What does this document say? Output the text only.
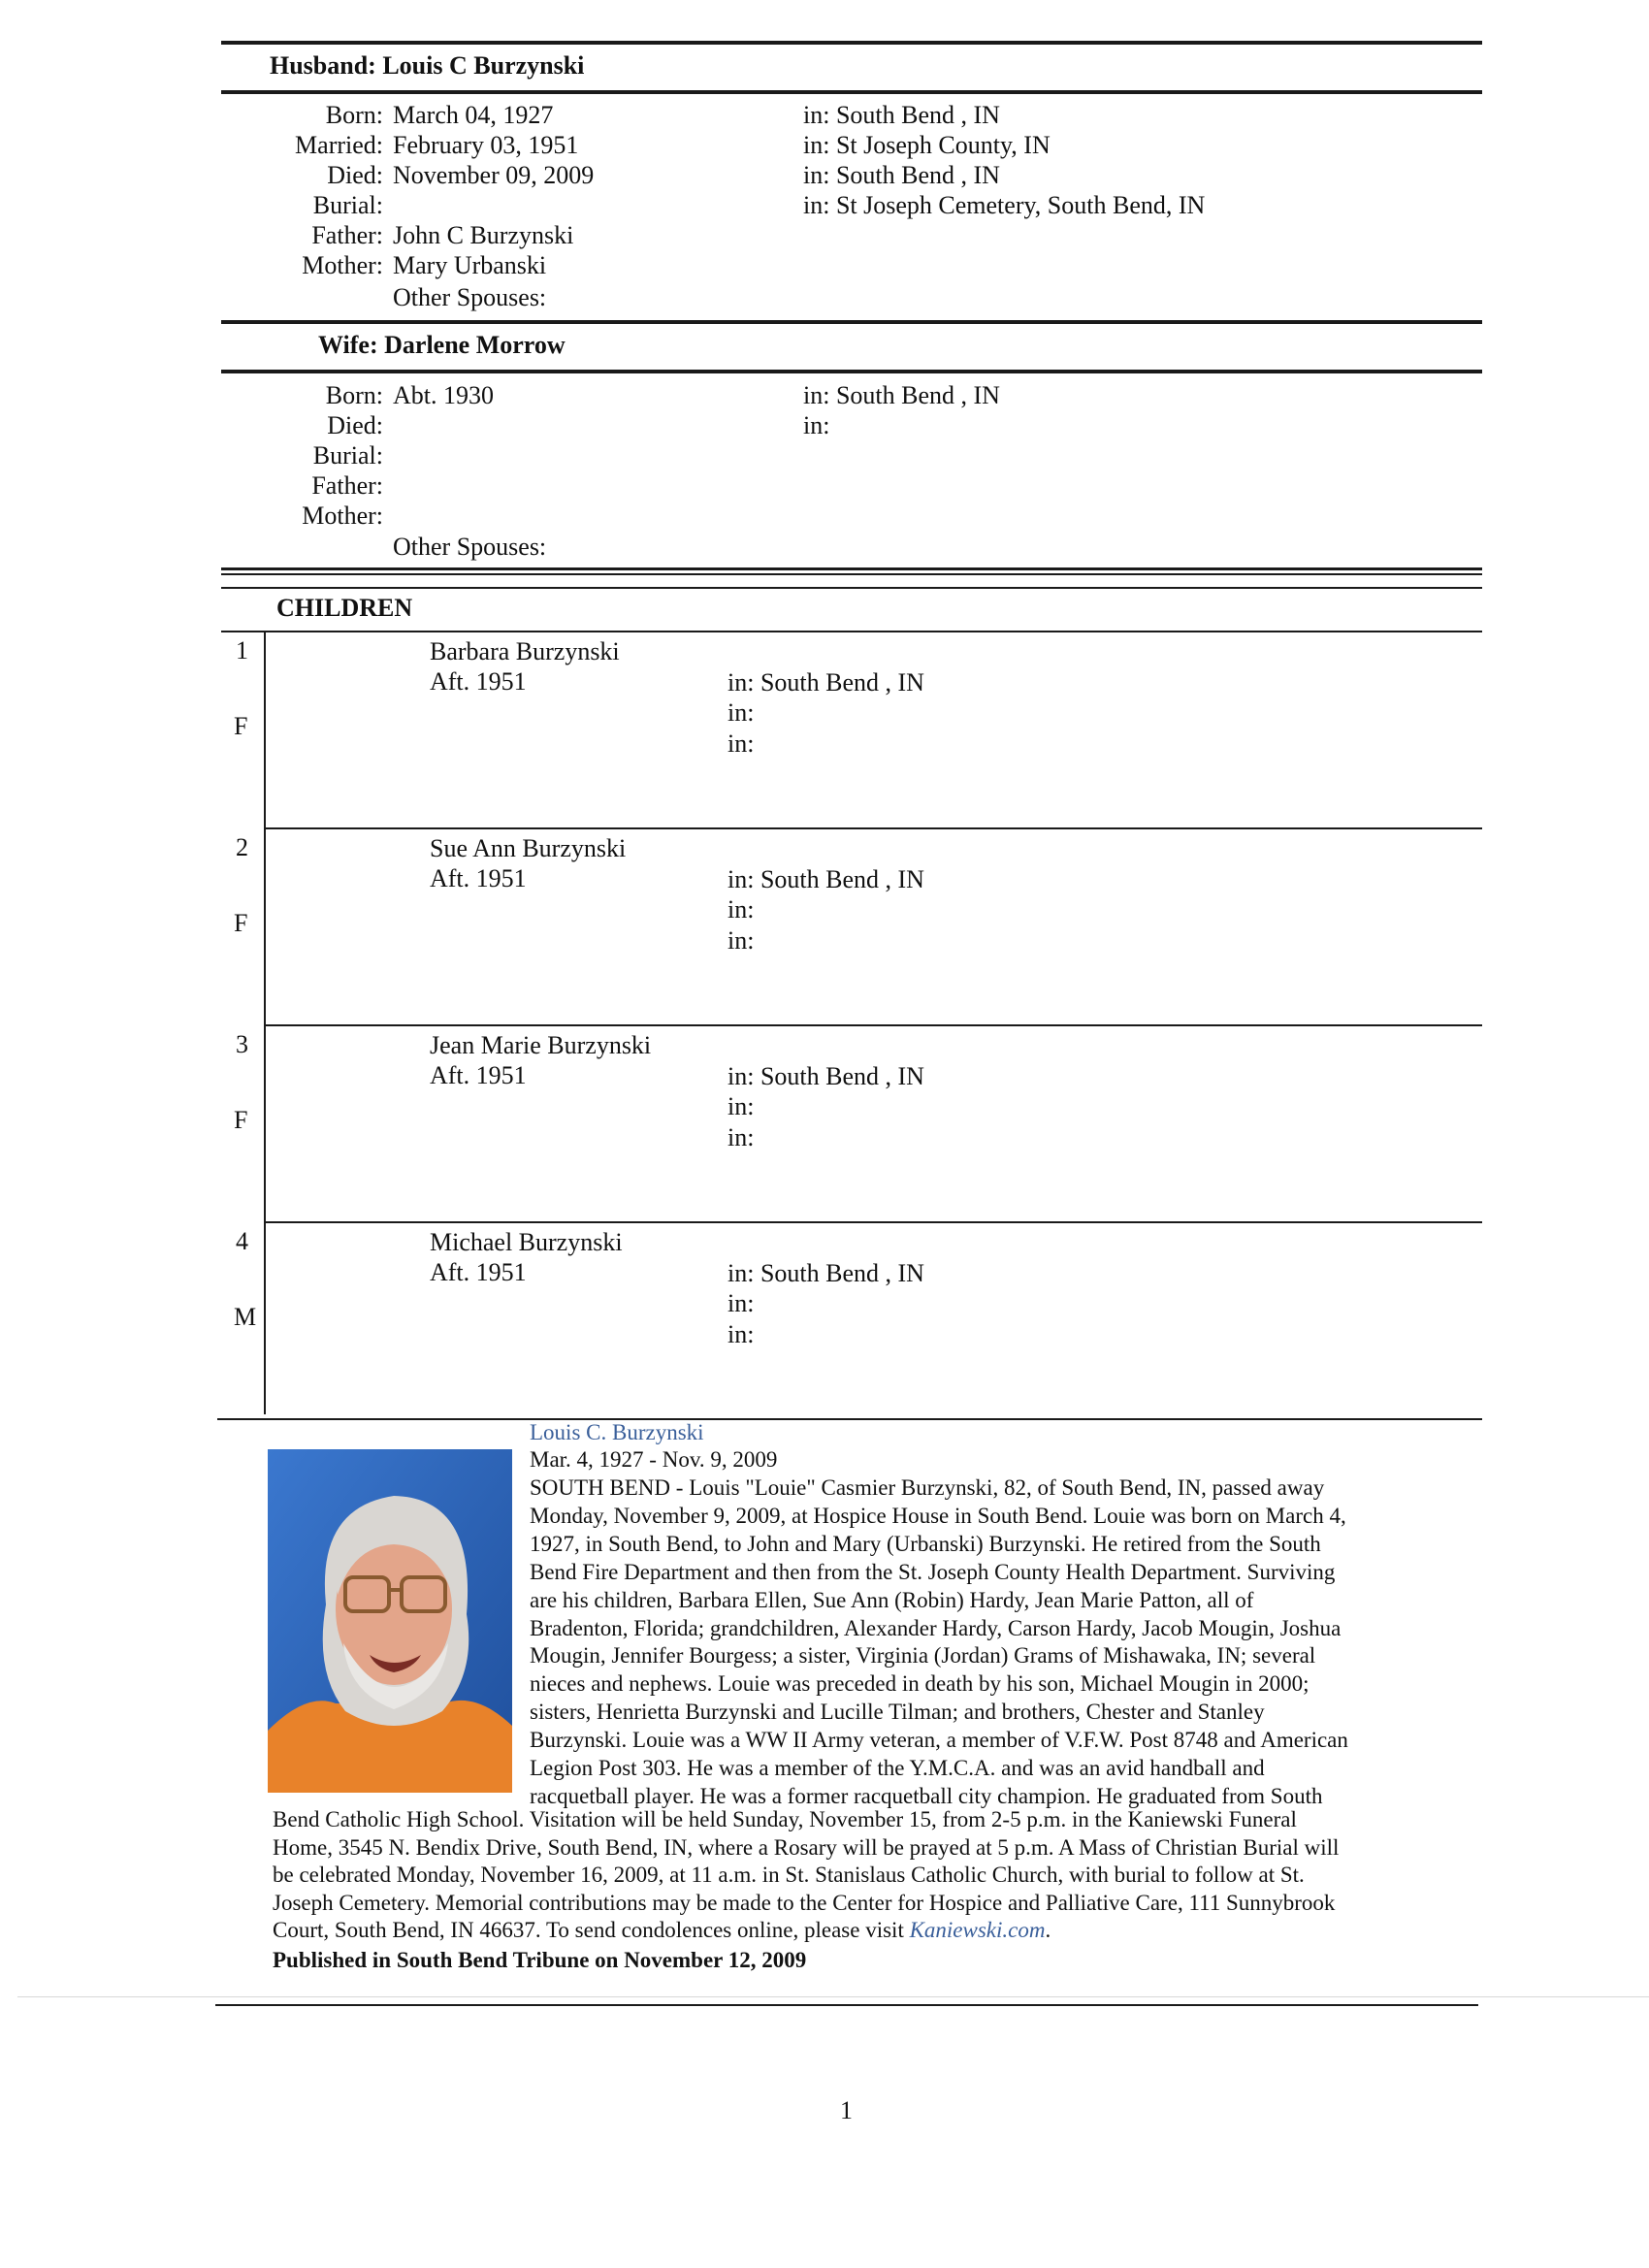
Husband: Louis C Burzynski
Born: March 04, 1927	in: South Bend , IN
Married: February 03, 1951	in: St Joseph County, IN
Died: November 09, 2009	in: South Bend , IN
Burial:	in: St Joseph Cemetery, South Bend, IN
Father: John C Burzynski
Mother: Mary Urbanski
Other Spouses:
Wife: Darlene Morrow
Born: Abt. 1930	in: South Bend , IN
Died:	in:
Burial:
Father:
Mother:
Other Spouses:
CHILDREN
1
F
Barbara Burzynski
Aft. 1951	in: South Bend , IN
in:
in:
2
F
Sue Ann Burzynski
Aft. 1951	in: South Bend , IN
in:
in:
3
F
Jean Marie Burzynski
Aft. 1951	in: South Bend , IN
in:
in:
4
M
Michael Burzynski
Aft. 1951	in: South Bend , IN
in:
in:
Louis C. Burzynski
Mar. 4, 1927 - Nov. 9, 2009
SOUTH BEND - Louis "Louie" Casmier Burzynski, 82, of South Bend, IN, passed away
Monday, November 9, 2009, at Hospice House in South Bend. Louie was born on March 4,
1927, in South Bend, to John and Mary (Urbanski) Burzynski. He retired from the South
Bend Fire Department and then from the St. Joseph County Health Department. Surviving
are his children, Barbara Ellen, Sue Ann (Robin) Hardy, Jean Marie Patton, all of
Bradenton, Florida; grandchildren, Alexander Hardy, Carson Hardy, Jacob Mougin, Joshua
Mougin, Jennifer Bourgess; a sister, Virginia (Jordan) Grams of Mishawaka, IN; several
nieces and nephews. Louie was preceded in death by his son, Michael Mougin in 2000;
sisters, Henrietta Burzynski and Lucille Tilman; and brothers, Chester and Stanley
Burzynski. Louie was a WW II Army veteran, a member of V.F.W. Post 8748 and American
Legion Post 303. He was a member of the Y.M.C.A. and was an avid handball and
racquetball player. He was a former racquetball city champion. He graduated from South
Bend Catholic High School. Visitation will be held Sunday, November 15, from 2-5 p.m. in the Kaniewski Funeral
Home, 3545 N. Bendix Drive, South Bend, IN, where a Rosary will be prayed at 5 p.m. A Mass of Christian Burial will
be celebrated Monday, November 16, 2009, at 11 a.m. in St. Stanislaus Catholic Church, with burial to follow at St.
Joseph Cemetery. Memorial contributions may be made to the Center for Hospice and Palliative Care, 111 Sunnybrook
Court, South Bend, IN 46637. To send condolences online, please visit Kaniewski.com.
Published in South Bend Tribune on November 12, 2009
1
